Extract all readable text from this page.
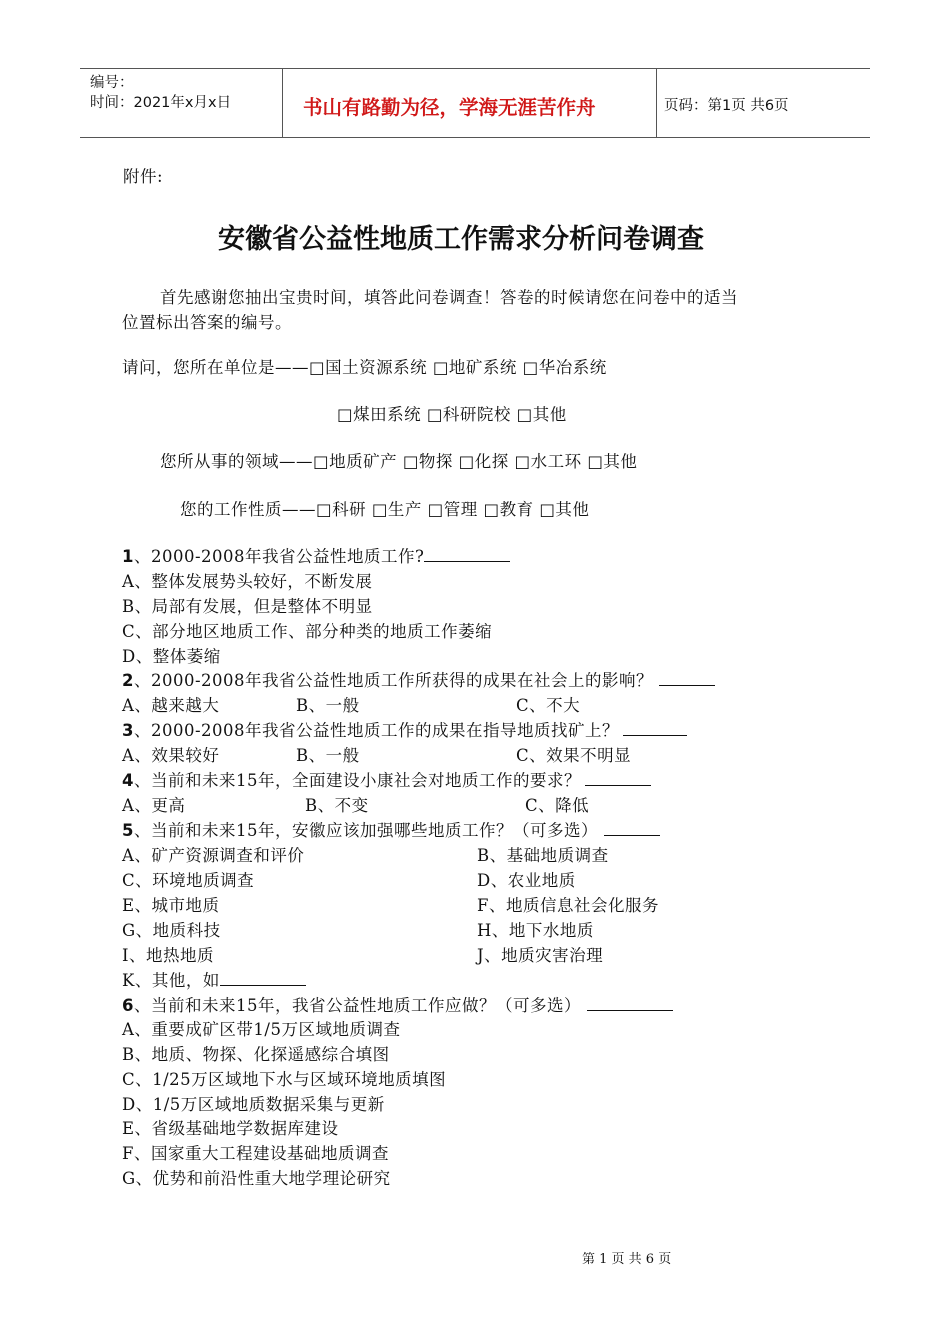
编号：
时间：2021年x月x日	书山有路勤为径，学海无涯苦作舟	页码：第1页 共6页
附件:
安徽省公益性地质工作需求分析问卷调查
首先感谢您抽出宝贵时间，填答此问卷调查！答卷的时候请您在问卷中的适当
位置标出答案的编号。
请问，您所在单位是——□国土资源系统 □地矿系统 □华冶系统
□煤田系统 □科研院校 □其他
您所从事的领域——□地质矿产 □物探 □化探 □水工环 □其他
您的工作性质——□科研 □生产 □管理 □教育 □其他
1、2000-2008年我省公益性地质工作?
A、整体发展势头较好，不断发展
B、局部有发展，但是整体不明显
C、部分地区地质工作、部分种类的地质工作萎缩
D、整体萎缩
2、2000-2008年我省公益性地质工作所获得的成果在社会上的影响？
A、越来越大	B、一般	C、不大
3、2000-2008年我省公益性地质工作的成果在指导地质找矿上？
A、效果较好	B、一般	C、效果不明显
4、当前和未来15年，全面建设小康社会对地质工作的要求？
A、更高	B、不变	C、降低
5、当前和未来15年，安徽应该加强哪些地质工作？（可多选）
A、矿产资源调查和评价	B、基础地质调查
C、环境地质调查	D、农业地质
E、城市地质	F、地质信息社会化服务
G、地质科技	H、地下水地质
I、地热地质	J、地质灾害治理
K、其他，如
6、当前和未来15年，我省公益性地质工作应做？（可多选）
A、重要成矿区带1/5万区域地质调查
B、地质、物探、化探遥感综合填图
C、1/25万区域地下水与区域环境地质填图
D、1/5万区域地质数据采集与更新
E、省级基础地学数据库建设
F、国家重大工程建设基础地质调查
G、优势和前沿性重大地学理论研究
第 1 页 共 6 页
